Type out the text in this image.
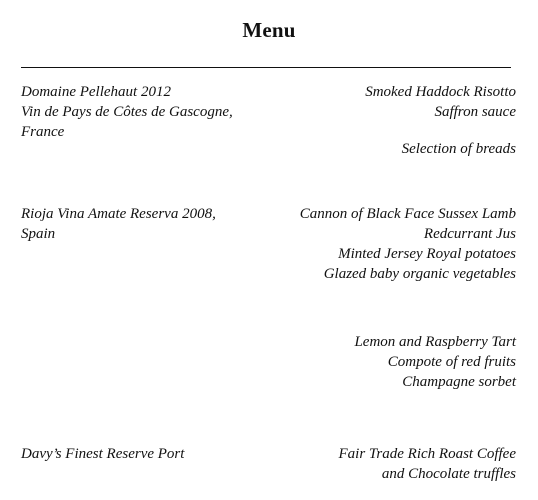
Menu
Domaine Pellehaut 2012
Vin de Pays de Côtes de Gascogne,
France
Rioja Vina Amate Reserva 2008,
Spain
Davy’s Finest Reserve Port
Smoked Haddock Risotto
Saffron sauce
Selection of breads
Cannon of Black Face Sussex Lamb
Redcurrant Jus
Minted Jersey Royal potatoes
Glazed baby organic vegetables
Lemon and Raspberry Tart
Compote of red fruits
Champagne sorbet
Fair Trade Rich Roast Coffee
and Chocolate truffles
